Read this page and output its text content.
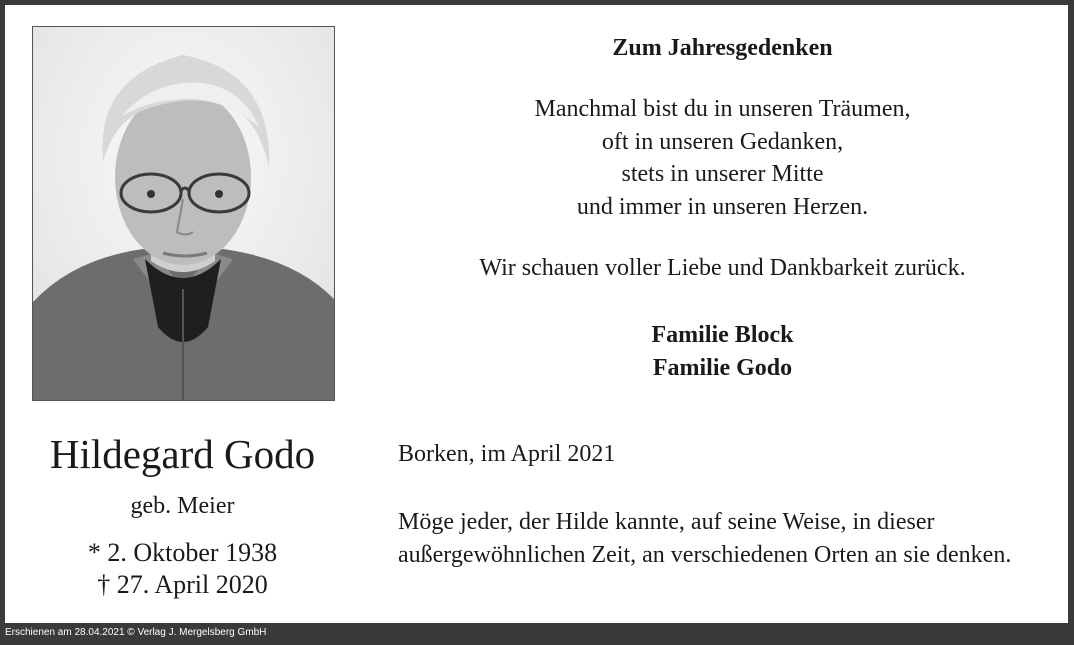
Hildegard Godo
geb. Meier
* 2. Oktober 1938
† 27. April 2020
Zum Jahresgedenken
Manchmal bist du in unseren Träumen,
oft in unseren Gedanken,
stets in unserer Mitte
und immer in unseren Herzen.
Wir schauen voller Liebe und Dankbarkeit zurück.
Familie Block
Familie Godo
Borken, im April 2021
Möge jeder, der Hilde kannte, auf seine Weise, in dieser außergewöhnlichen Zeit, an verschiedenen Orten an sie denken.
Erschienen am 28.04.2021 © Verlag J. Mergelsberg GmbH
